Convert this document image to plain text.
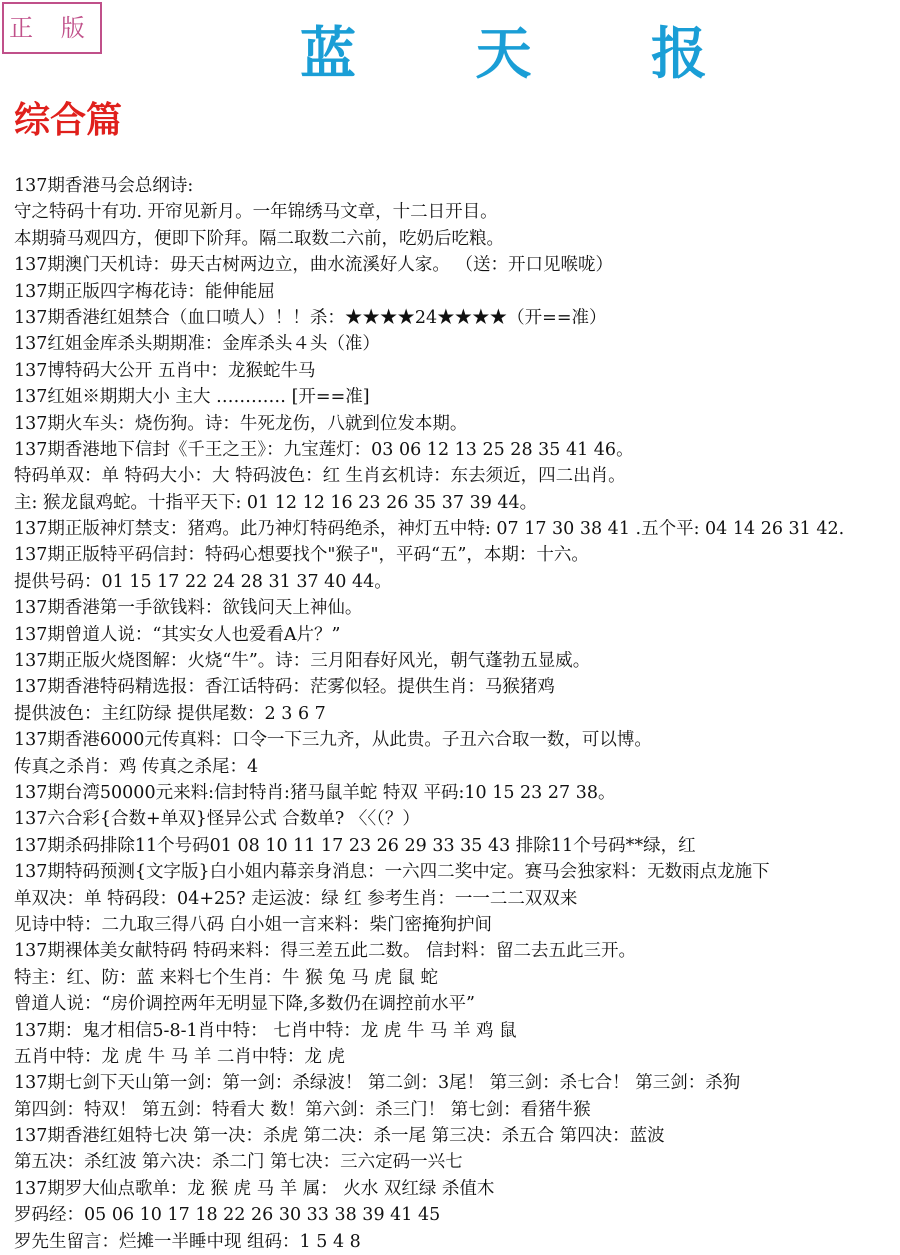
正 版	蓝 天 报
综合篇
137期香港马会总纲诗:
守之特码十有功. 开帘见新月。一年锦绣马文章，十二日开目。
本期骑马观四方，便即下阶拜。隔二取数二六前，吃奶后吃粮。
137期澳门天机诗：毋天古树两边立，曲水流溪好人家。 （送：开口见喉咙）
137期正版四字梅花诗：能伸能屈
137期香港红姐禁合（血口喷人）！！杀：★★★★24★★★★（开==准）
137红姐金库杀头期期准：金库杀头４头（准）
137博特码大公开 五肖中：龙猴蛇牛马
137红姐※期期大小 主大 ………… [开==准]
137期火车头：烧伤狗。诗：牛死龙伤，八就到位发本期。
137期香港地下信封《千王之王》：九宝莲灯：03 06 12 13 25 28 35 41 46。
特码单双：单 特码大小：大 特码波色：红 生肖玄机诗：东去须近，四二出肖。
主: 猴龙鼠鸡蛇。十指平天下: 01 12 12 16 23 26 35 37 39 44。
137期正版神灯禁支：猪鸡。此乃神灯特码绝杀，神灯五中特: 07 17 30 38 41 .五个平: 04 14 26 31 42.
137期正版特平码信封：特码心想要找个"猴子"，平码“五”，本期：十六。
提供号码：01 15 17 22 24 28 31 37 40 44。
137期香港第一手欲钱料：欲钱问天上神仙。
137期曾道人说：“其实女人也爱看A片？”
137期正版火烧图解：火烧“牛”。诗：三月阳春好风光，朝气蓬勃五显威。
137期香港特码精选报：香江话特码：茫雾似轻。提供生肖：马猴猪鸡
提供波色：主红防绿 提供尾数：2 3 6 7
137期香港6000元传真料：口令一下三九齐，从此贵。子丑六合取一数，可以博。
传真之杀肖：鸡 传真之杀尾：4
137期台湾50000元来料:信封特肖:猪马鼠羊蛇 特双 平码:10 15 23 27 38。
137六合彩{合数+单双}怪异公式 合数单? 〈〈（？）
137期杀码排除11个号码01 08 10 11 17 23 26 29 33 35 43 排除11个号码**绿，红
137期特码预测{文字版}白小姐内幕亲身消息：一六四二奖中定。赛马会独家料：无数雨点龙施下
单双决：单 特码段：04+25? 走运波：绿 红 参考生肖：一一二二双双来
见诗中特：二九取三得八码 白小姐一言来料：柴门密掩狗护间
137期裸体美女献特码 特码来料：得三差五此二数。 信封料：留二去五此三开。
特主：红、防：蓝 来料七个生肖：牛 猴 兔 马 虎 鼠 蛇
曾道人说：“房价调控两年无明显下降,多数仍在调控前水平”
137期：鬼才相信5-8-1肖中特： 七肖中特：龙 虎 牛 马 羊 鸡 鼠
五肖中特：龙 虎 牛 马 羊 二肖中特：龙 虎
137期七剑下天山第一剑：第一剑：杀绿波！ 第二剑：3尾！ 第三剑：杀七合！ 第三剑：杀狗
第四剑：特双！ 第五剑：特看大 数！第六剑：杀三门！ 第七剑：看猪牛猴
137期香港红姐特七决 第一决：杀虎 第二决：杀一尾 第三决：杀五合 第四决：蓝波
第五决：杀红波 第六决：杀二门 第七决：三六定码一兴七
137期罗大仙点歌单：龙 猴 虎 马 羊 属： 火水 双红绿 杀值木
罗码经：05 06 10 17 18 22 26 30 33 38 39 41 45
罗先生留言：烂摊一半睡中现 组码：1 5 4 8
